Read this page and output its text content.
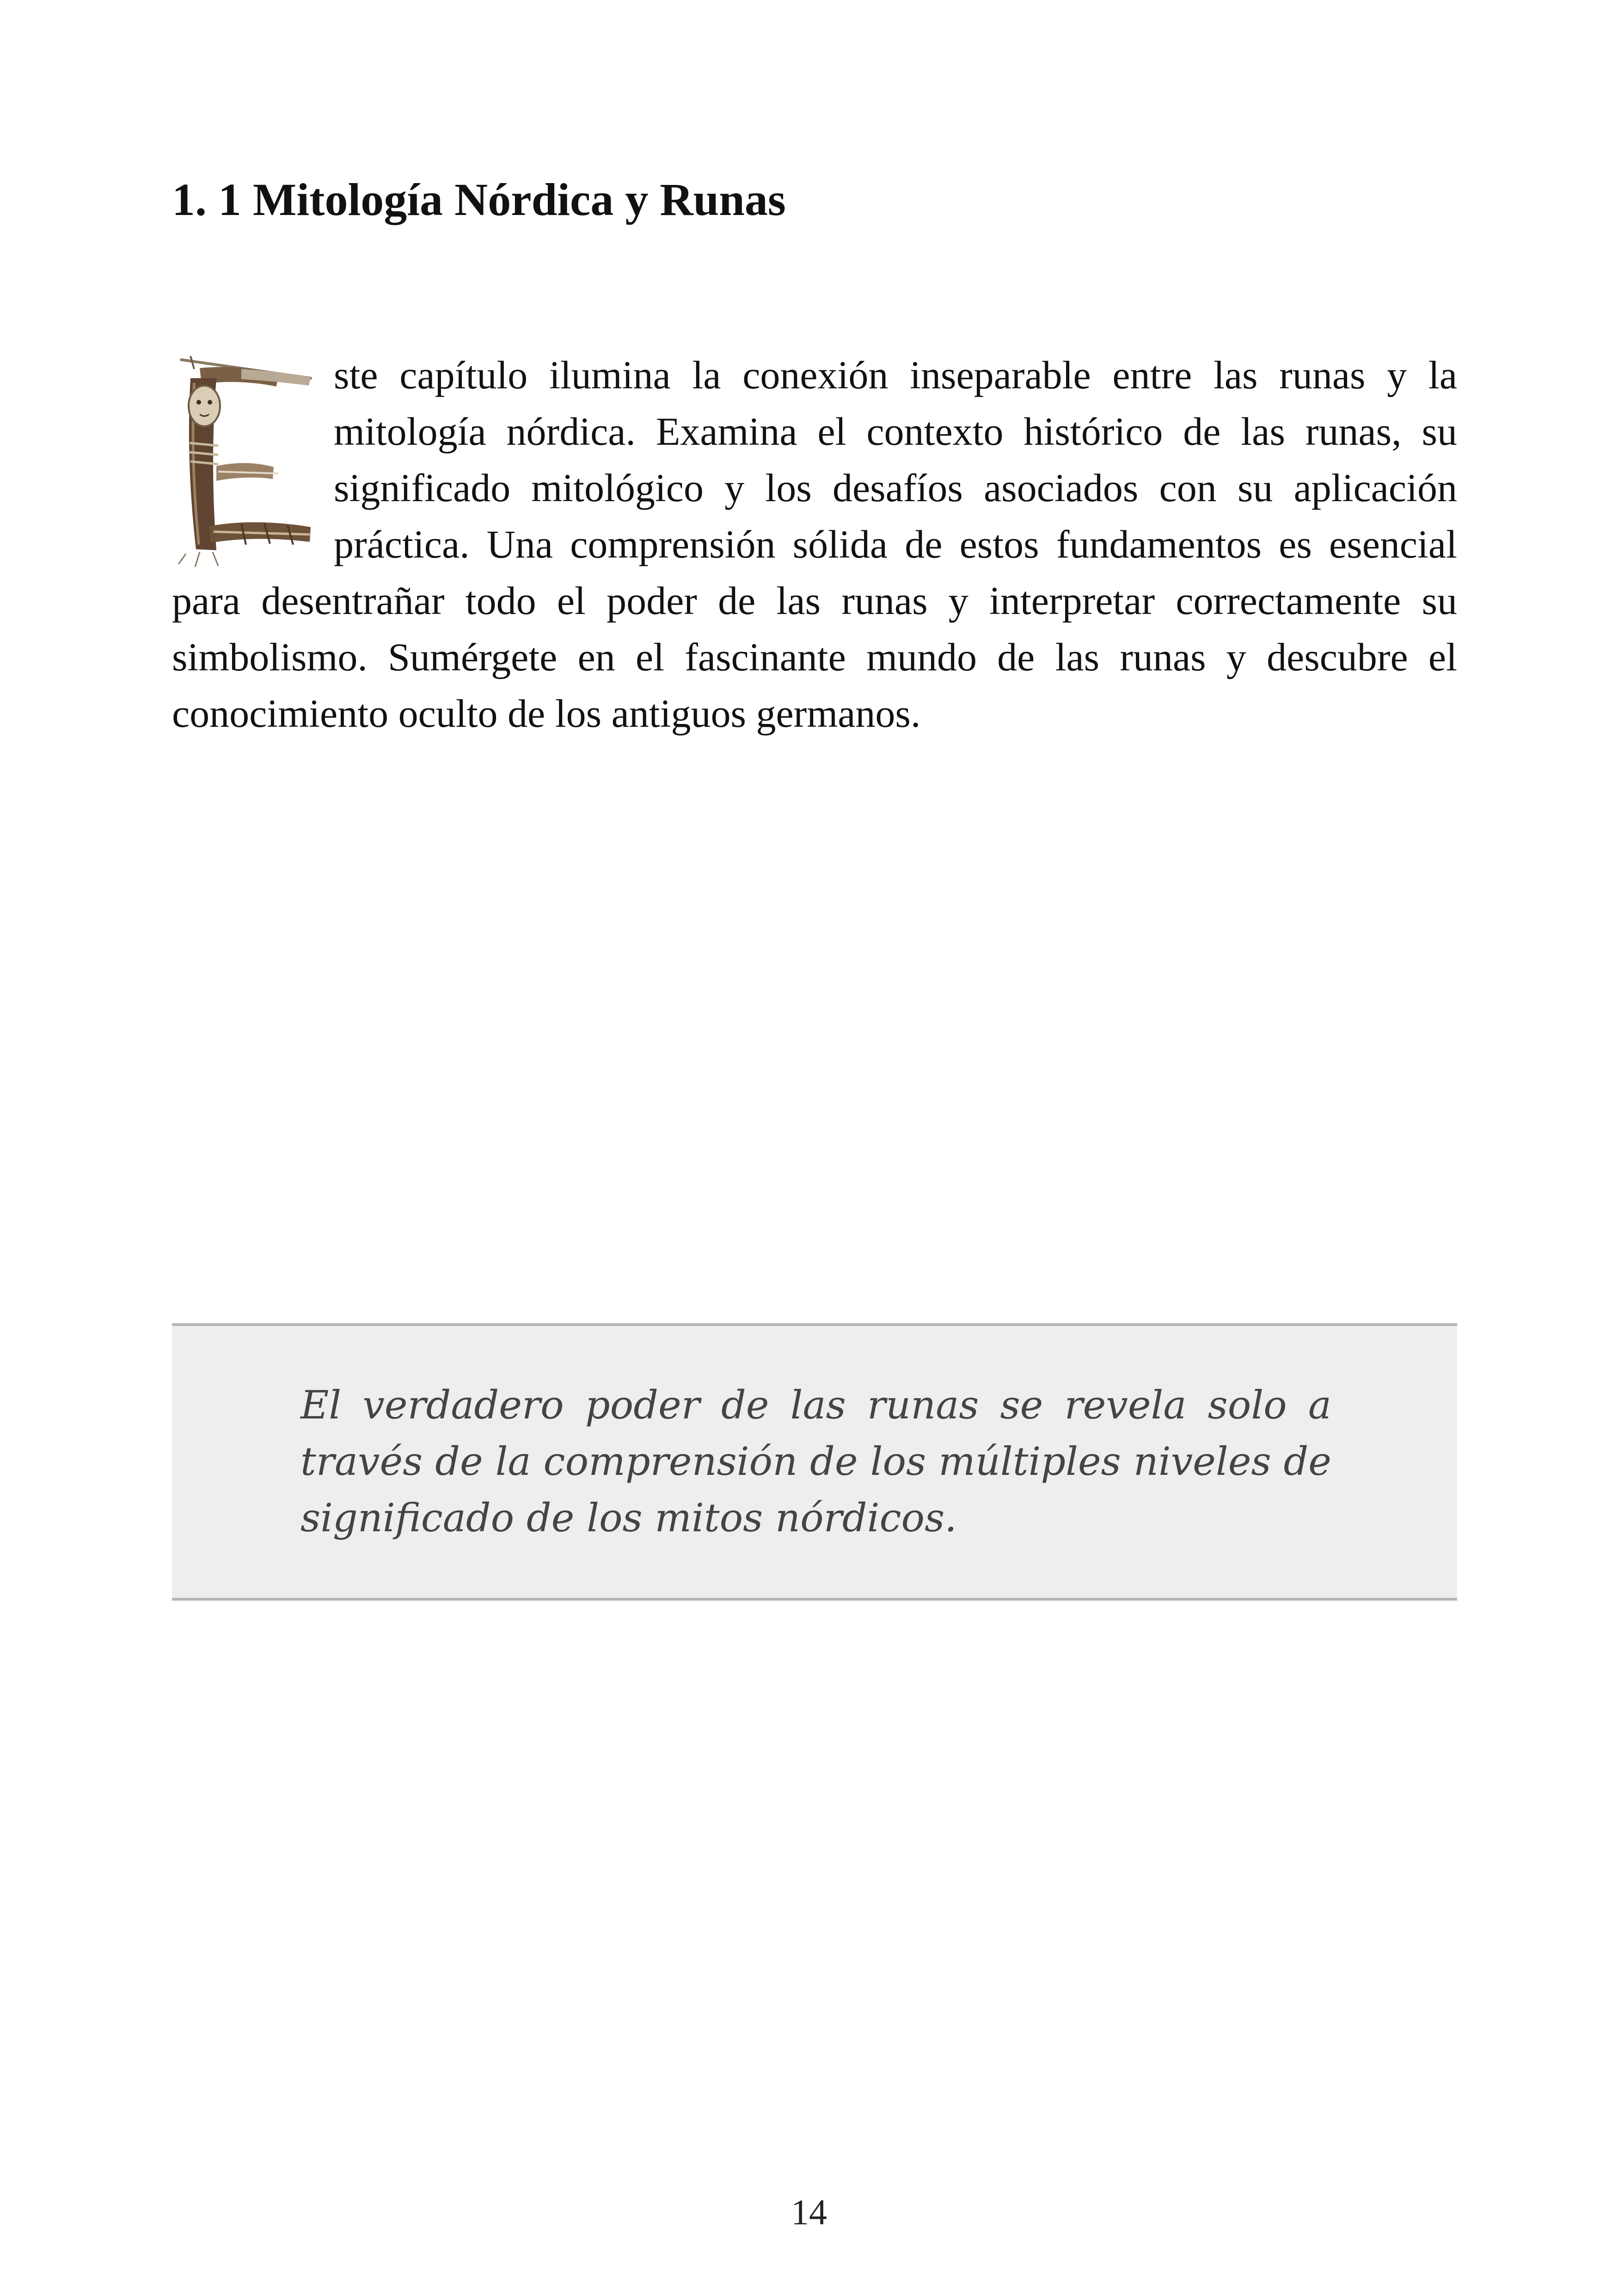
1. 1 Mitología Nórdica y Runas

ste capítulo ilumina la conexión inseparable entre las runas y la mitología nórdica. Examina el contexto histórico de las runas, su significado mitológico y los desafíos asociados con su aplicación práctica. Una comprensión sólida de estos fundamentos es esencial para desentrañar todo el poder de las runas y interpretar correctamente su simbolismo. Sumérgete en el fascinante mundo de las runas y descubre el conocimiento oculto de los antiguos germanos.

El verdadero poder de las runas se revela solo a través de la comprensión de los múltiples niveles de significado de los mitos nórdicos.

14
